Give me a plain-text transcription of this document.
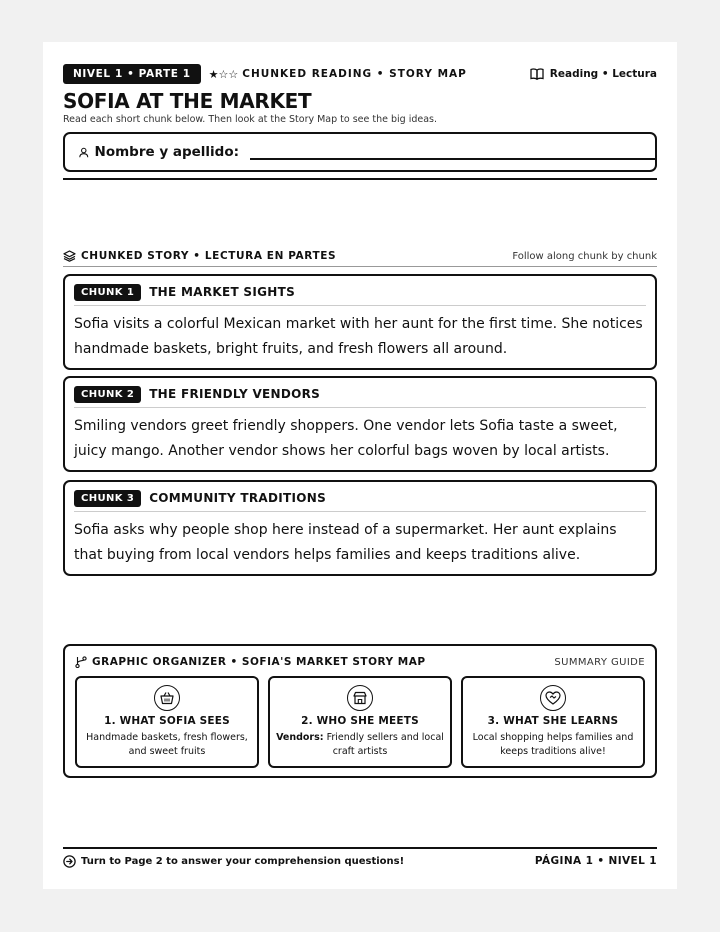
NIVEL 1 • PARTE 1	★☆☆ CHUNKED READING • STORY MAP	Reading • Lectura
SOFIA AT THE MARKET
Read each short chunk below. Then look at the Story Map to see the big ideas.
Nombre y apellido:
CHUNKED STORY • LECTURA EN PARTES	Follow along chunk by chunk
CHUNK 1	THE MARKET SIGHTS
Sofia visits a colorful Mexican market with her aunt for the first time. She notices handmade baskets, bright fruits, and fresh flowers all around.
CHUNK 2	THE FRIENDLY VENDORS
Smiling vendors greet friendly shoppers. One vendor lets Sofia taste a sweet, juicy mango. Another vendor shows her colorful bags woven by local artists.
CHUNK 3	COMMUNITY TRADITIONS
Sofia asks why people shop here instead of a supermarket. Her aunt explains that buying from local vendors helps families and keeps traditions alive.
GRAPHIC ORGANIZER • SOFIA'S MARKET STORY MAP	SUMMARY GUIDE
1. WHAT SOFIA SEES
Handmade baskets, fresh flowers, and sweet fruits
2. WHO SHE MEETS
Vendors: Friendly sellers and local craft artists
3. WHAT SHE LEARNS
Local shopping helps families and keeps traditions alive!
Turn to Page 2 to answer your comprehension questions!	PÁGINA 1 • NIVEL 1
